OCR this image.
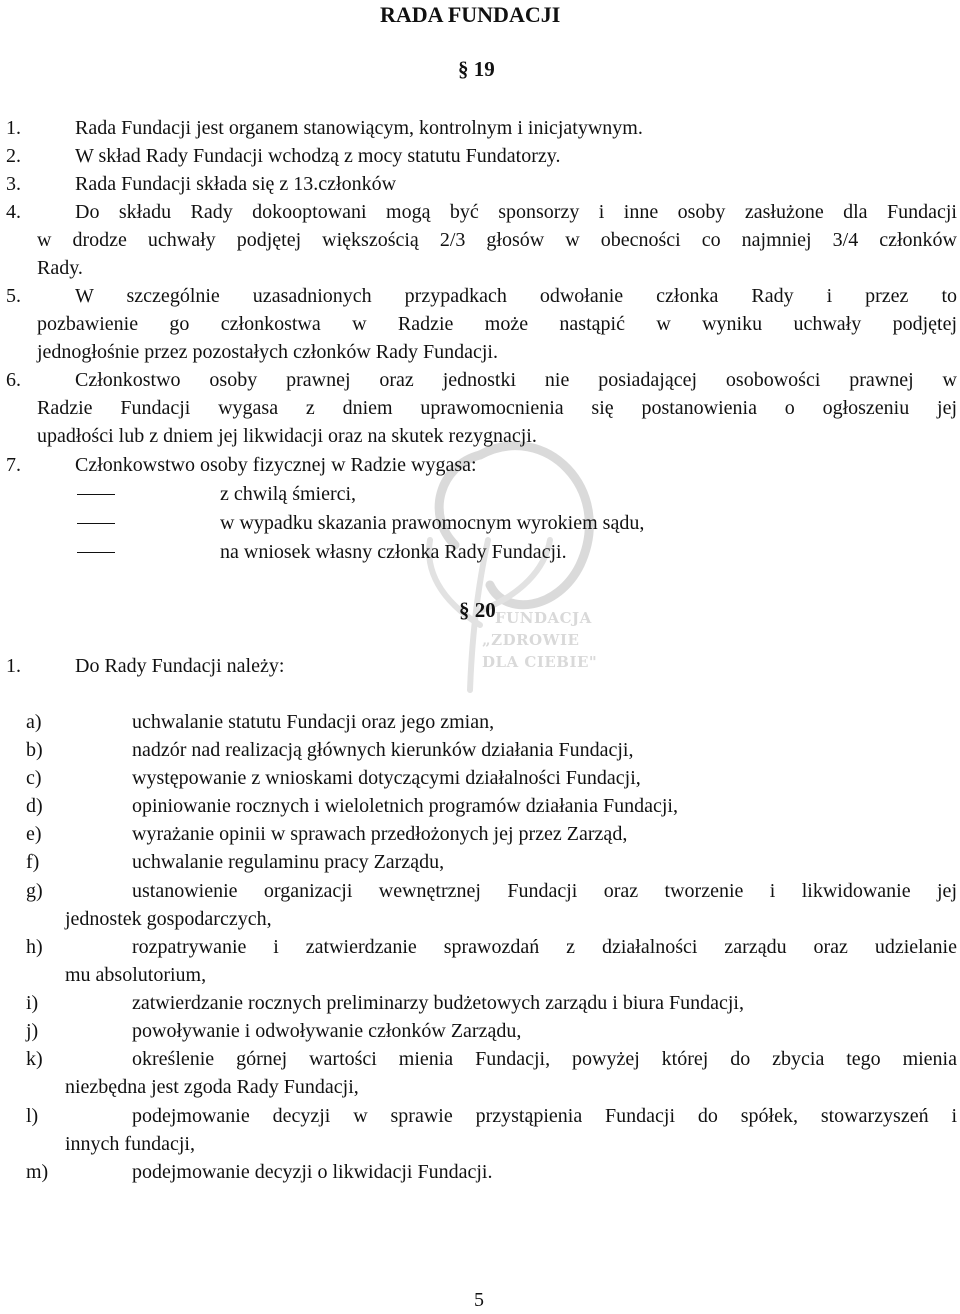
FUNDACJA
„ZDROWIE
DLA CIEBIE"
RADA FUNDACJI
§ 19
1.	Rada Fundacji jest organem stanowiącym, kontrolnym i inicjatywnym.
2.	W skład Rady Fundacji wchodzą z mocy statutu Fundatorzy.
3.	Rada Fundacji składa się z 13.członków
4.	Do składu Rady dokooptowani mogą być sponsorzy i inne osoby zasłużone dla Fundacji
w drodze uchwały podjętej większością 2/3 głosów w obecności co najmniej 3/4 członków
Rady.
5.	W szczególnie uzasadnionych przypadkach odwołanie członka Rady i przez to
pozbawienie go członkostwa w Radzie może nastąpić w wyniku uchwały podjętej
jednogłośnie przez pozostałych członków Rady Fundacji.
6.	Członkostwo osoby prawnej oraz jednostki nie posiadającej osobowości prawnej w
Radzie Fundacji wygasa z dniem uprawomocnienia się postanowienia o ogłoszeniu jej
upadłości lub z dniem jej likwidacji oraz na skutek rezygnacji.
7.	Członkowstwo osoby fizycznej w Radzie wygasa:
z chwilą śmierci,
w wypadku skazania prawomocnym wyrokiem sądu,
na wniosek własny członka Rady Fundacji.
§ 20
1.	Do Rady Fundacji należy:
a)	uchwalanie statutu Fundacji oraz jego zmian,
b)	nadzór nad realizacją głównych kierunków działania Fundacji,
c)	występowanie z wnioskami dotyczącymi działalności Fundacji,
d)	opiniowanie rocznych i wieloletnich programów działania Fundacji,
e)	wyrażanie opinii w sprawach przedłożonych jej przez Zarząd,
f)	uchwalanie regulaminu pracy Zarządu,
g)	ustanowienie organizacji wewnętrznej Fundacji oraz tworzenie i likwidowanie jej
jednostek gospodarczych,
h)	rozpatrywanie i zatwierdzanie sprawozdań z działalności zarządu oraz udzielanie
mu absolutorium,
i)	zatwierdzanie rocznych preliminarzy budżetowych zarządu i biura Fundacji,
j)	powoływanie i odwoływanie członków Zarządu,
k)	określenie górnej wartości mienia Fundacji, powyżej której do zbycia tego mienia
niezbędna jest zgoda Rady Fundacji,
l)	podejmowanie decyzji w sprawie przystąpienia Fundacji do spółek, stowarzyszeń i
innych fundacji,
m)	podejmowanie decyzji o likwidacji Fundacji.
5
